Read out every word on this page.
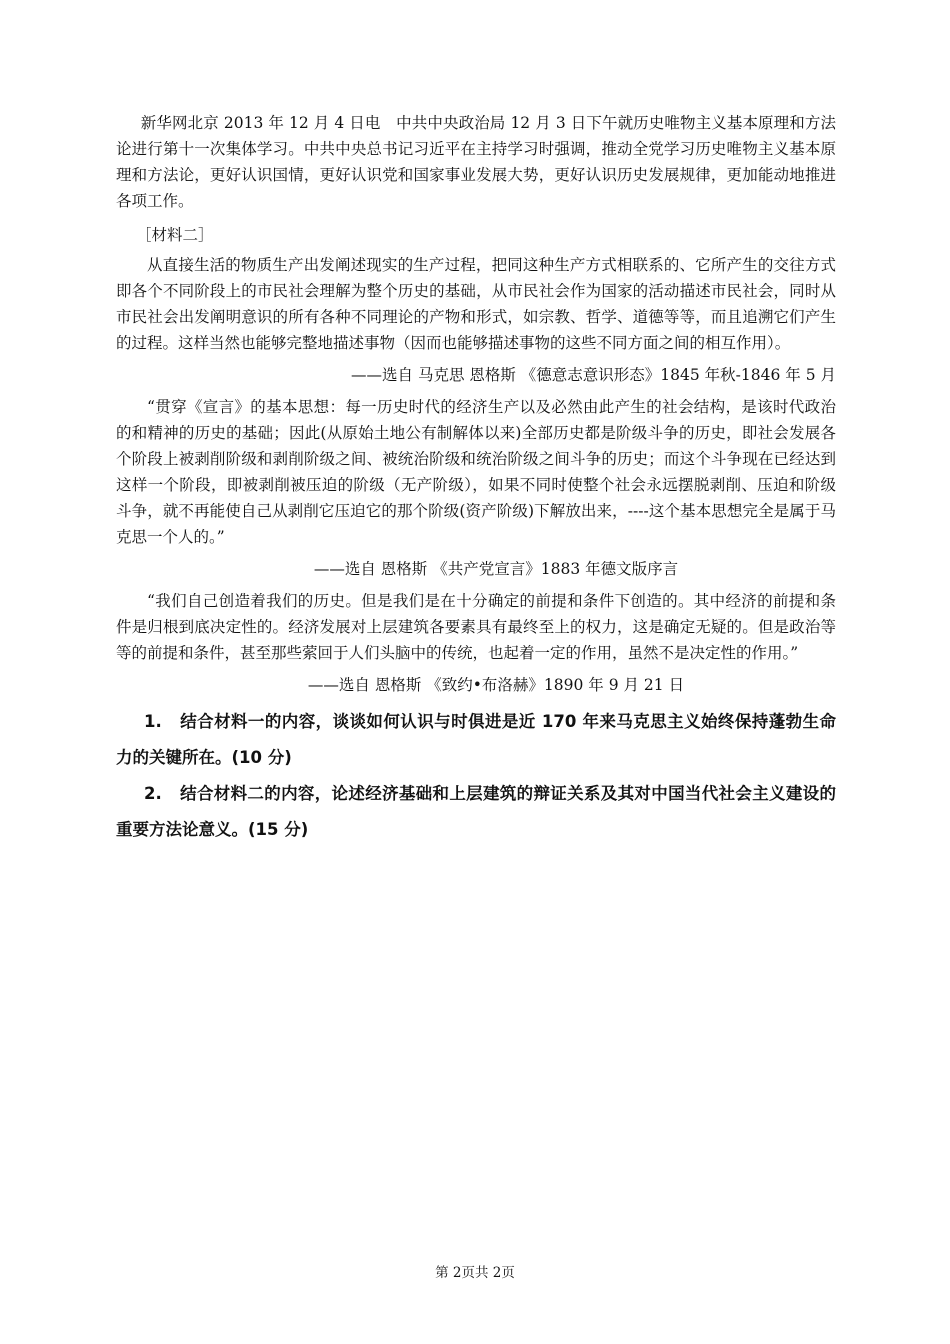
新华网北京 2013 年 12 月 4 日电　中共中央政治局 12 月 3 日下午就历史唯物主义基本原理和方法论进行第十一次集体学习。中共中央总书记习近平在主持学习时强调，推动全党学习历史唯物主义基本原理和方法论，更好认识国情，更好认识党和国家事业发展大势，更好认识历史发展规律，更加能动地推进各项工作。

［材料二］

从直接生活的物质生产出发阐述现实的生产过程，把同这种生产方式相联系的、它所产生的交往方式即各个不同阶段上的市民社会理解为整个历史的基础，从市民社会作为国家的活动描述市民社会，同时从市民社会出发阐明意识的所有各种不同理论的产物和形式，如宗教、哲学、道德等等，而且追溯它们产生的过程。这样当然也能够完整地描述事物（因而也能够描述事物的这些不同方面之间的相互作用）。

——选自 马克思 恩格斯 《德意志意识形态》1845 年秋-1846 年 5 月

“贯穿《宣言》的基本思想：每一历史时代的经济生产以及必然由此产生的社会结构，是该时代政治的和精神的历史的基础；因此(从原始土地公有制解体以来)全部历史都是阶级斗争的历史，即社会发展各个阶段上被剥削阶级和剥削阶级之间、被统治阶级和统治阶级之间斗争的历史；而这个斗争现在已经达到这样一个阶段，即被剥削被压迫的阶级（无产阶级），如果不同时使整个社会永远摆脱剥削、压迫和阶级斗争，就不再能使自己从剥削它压迫它的那个阶级(资产阶级)下解放出来，----这个基本思想完全是属于马克思一个人的。”

——选自 恩格斯 《共产党宣言》1883 年德文版序言

“我们自己创造着我们的历史。但是我们是在十分确定的前提和条件下创造的。其中经济的前提和条件是归根到底决定性的。经济发展对上层建筑各要素具有最终至上的权力，这是确定无疑的。但是政治等等的前提和条件，甚至那些萦回于人们头脑中的传统，也起着一定的作用，虽然不是决定性的作用。”

——选自 恩格斯 《致约•布洛赫》1890 年 9 月 21 日

1. 结合材料一的内容，谈谈如何认识与时俱进是近 170 年来马克思主义始终保持蓬勃生命力的关键所在。(10 分)

2. 结合材料二的内容，论述经济基础和上层建筑的辩证关系及其对中国当代社会主义建设的重要方法论意义。(15 分)

第 2页共 2页
